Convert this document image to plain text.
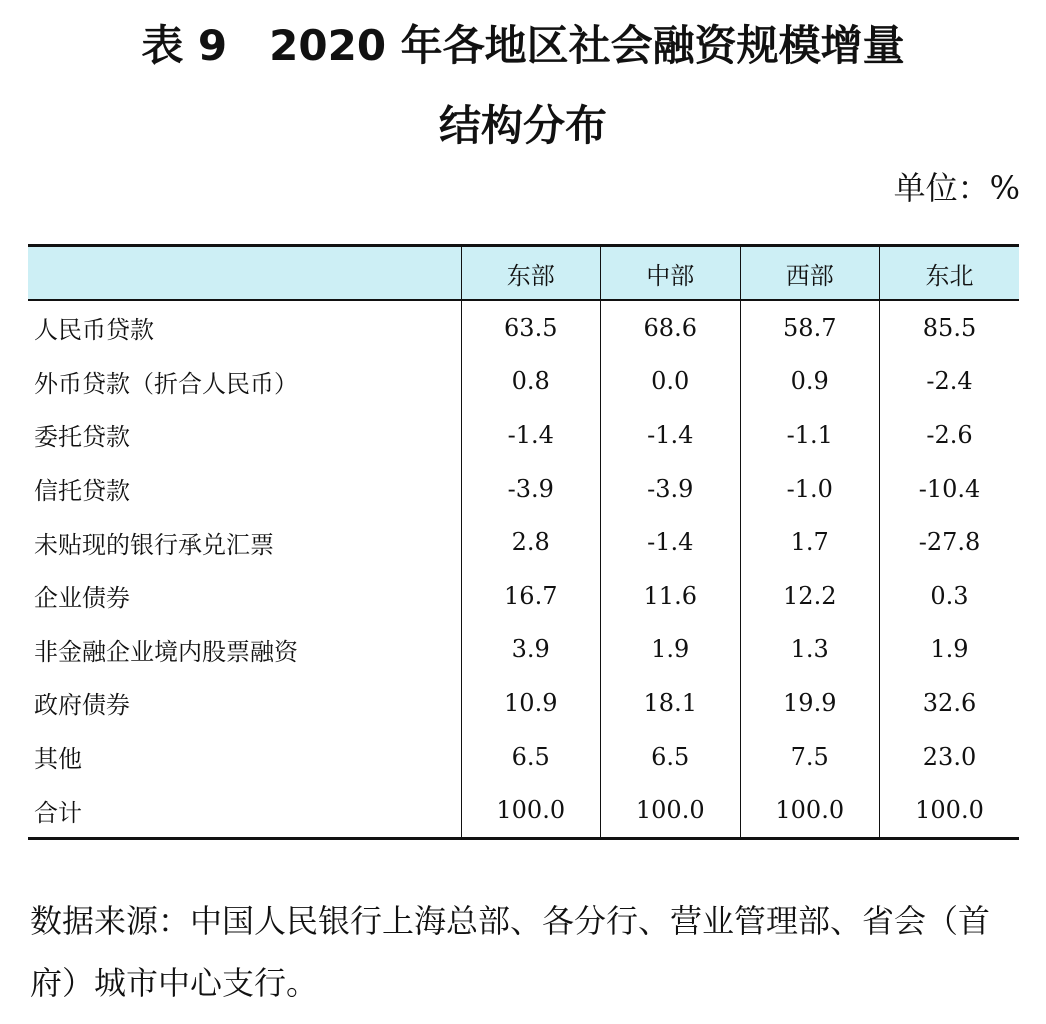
表 9　2020 年各地区社会融资规模增量
结构分布
单位：%
	东部	中部	西部	东北
人民币贷款	63.5	68.6	58.7	85.5
外币贷款（折合人民币）	0.8	0.0	0.9	-2.4
委托贷款	-1.4	-1.4	-1.1	-2.6
信托贷款	-3.9	-3.9	-1.0	-10.4
未贴现的银行承兑汇票	2.8	-1.4	1.7	-27.8
企业债券	16.7	11.6	12.2	0.3
非金融企业境内股票融资	3.9	1.9	1.3	1.9
政府债券	10.9	18.1	19.9	32.6
其他	6.5	6.5	7.5	23.0
合计	100.0	100.0	100.0	100.0

数据来源：中国人民银行上海总部、各分行、营业管理部、省会（首府）城市中心支行。
